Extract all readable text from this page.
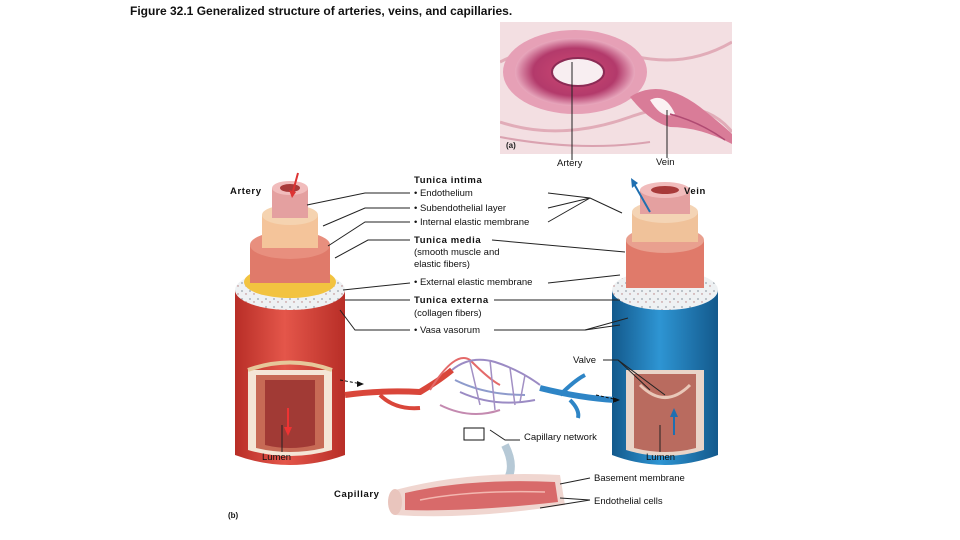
Figure 32.1 Generalized structure of arteries, veins, and capillaries.
(a)
Artery	Vein
Artery	Vein
Tunica intima
• Endothelium
• Subendothelial layer
• Internal elastic membrane
Tunica media
(smooth muscle and
elastic fibers)
• External elastic membrane
Tunica externa
(collagen fibers)
• Vasa vasorum
Valve
Capillary network
Lumen	Lumen
Basement membrane
Capillary
Endothelial cells
(b)
